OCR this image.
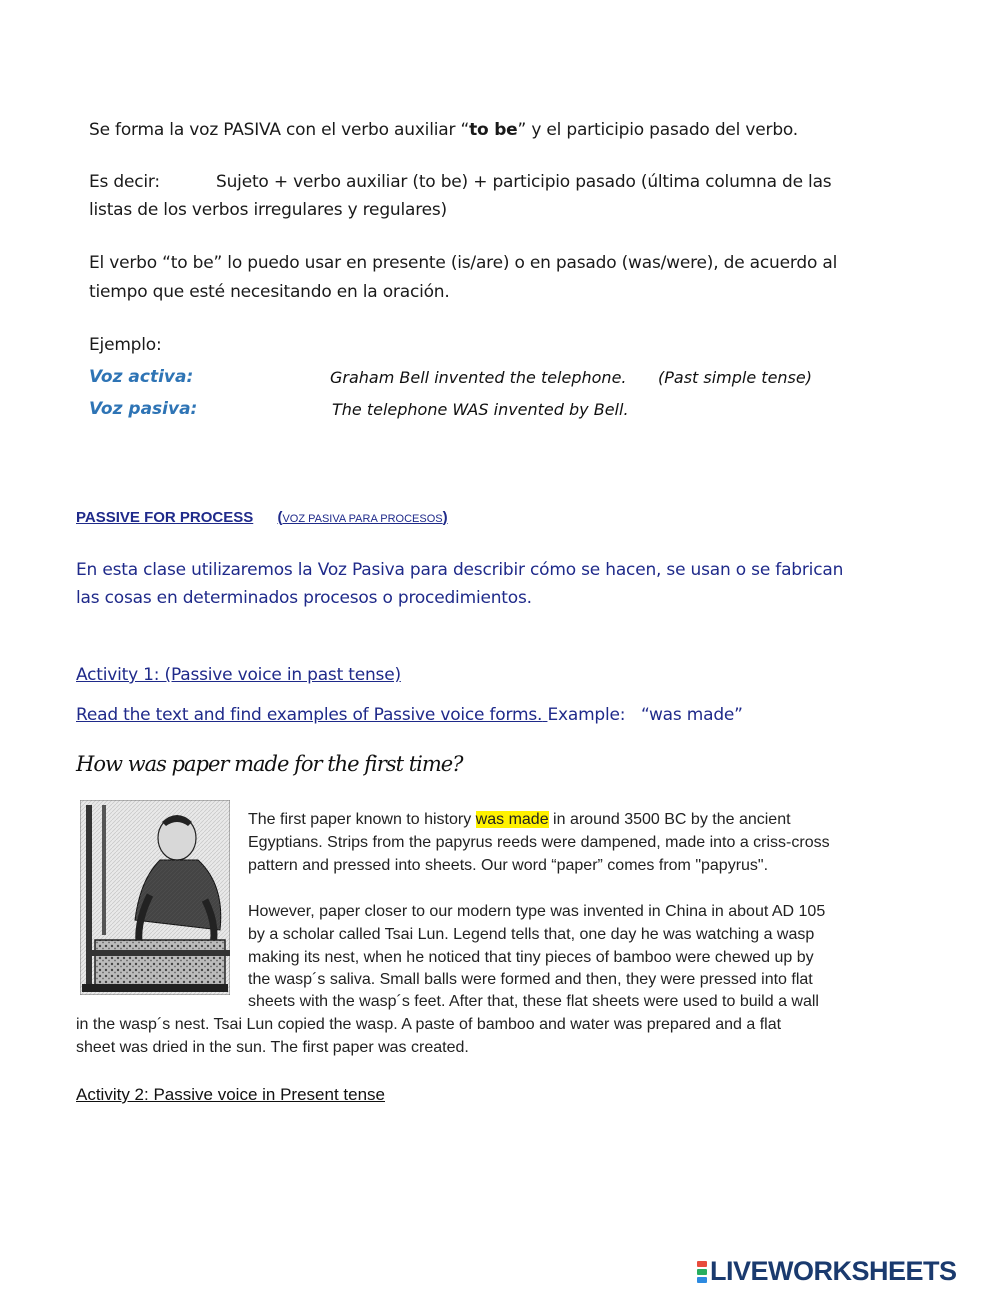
Se forma la voz PASIVA con el verbo auxiliar “to be” y el participio pasado del verbo.
Es decir:	Sujeto + verbo auxiliar (to be) + participio pasado (última columna de las
listas de los verbos irregulares y regulares)
El verbo “to be” lo puedo usar en presente (is/are) o en pasado (was/were), de acuerdo al
tiempo que esté necesitando en la oración.
Ejemplo:
Voz activa:	Graham Bell invented the telephone. (Past simple tense)
Voz pasiva:	The telephone WAS invented by Bell.
PASSIVE FOR PROCESS (VOZ PASIVA PARA PROCESOS)
En esta clase utilizaremos la Voz Pasiva para describir cómo se hacen, se usan o se fabrican
las cosas en determinados procesos o procedimientos.
Activity 1: (Passive voice in past tense)
Read the text and find examples of Passive voice forms. Example: “was made”
How was paper made for the first time?
The first paper known to history was made in around 3500 BC by the ancient
Egyptians. Strips from the papyrus reeds were dampened, made into a criss-cross
pattern and pressed into sheets. Our word “paper” comes from "papyrus".
However, paper closer to our modern type was invented in China in about AD 105
by a scholar called Tsai Lun. Legend tells that, one day he was watching a wasp
making its nest, when he noticed that tiny pieces of bamboo were chewed up by
the wasp´s saliva. Small balls were formed and then, they were pressed into flat
sheets with the wasp´s feet. After that, these flat sheets were used to build a wall
in the wasp´s nest. Tsai Lun copied the wasp. A paste of bamboo and water was prepared and a flat
sheet was dried in the sun. The first paper was created.
Activity 2: Passive voice in Present tense
LIVEWORKSHEETS
